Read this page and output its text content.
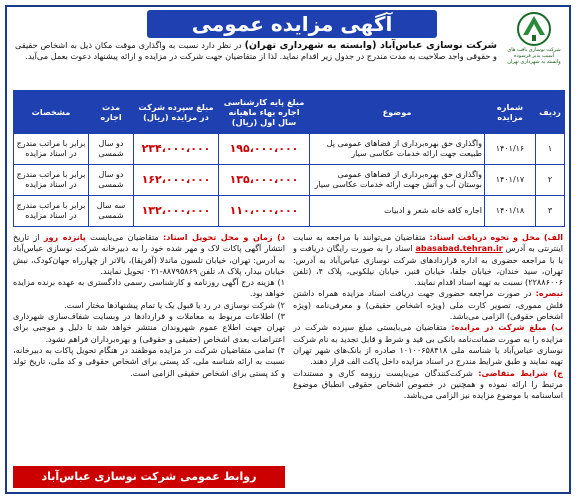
شرکت نوسازی بافت های آسیب پذیر فرسوده
وابسته به شهرداری تهران
آگهی مزایده عمومی
شرکت نوسازی عباس‌آباد (وابسته به شهرداری تهران) در نظر دارد نسبت به واگذاری موقت مکان ذیل به اشخاص حقیقی و حقوقی واجد صلاحیت به مدت مندرج در جدول زیر اقدام نماید. لذا از متقاضیان جهت شرکت در مزایده و ارائه پیشنهاد دعوت بعمل می‌آید.
ردیف	شماره مزایده	موضوع	مبلغ پایه کارشناسی اجاره بهاء ماهیانه سال اول (ریال)	مبلغ سپرده شرکت در مزایده (ریال)	مدت اجاره	مشخصات
۱	۱۴۰۱/۱۶	واگذاری حق بهره‌برداری از فضاهای عمومی پل طبیعت جهت ارائه خدمات عکاسی سیار	۱۹۵،۰۰۰،۰۰۰	۲۳۴،۰۰۰،۰۰۰	دو سال شمسی	برابر با مراتب مندرج در اسناد مزایده
۲	۱۴۰۱/۱۷	واگذاری حق بهره‌برداری از فضاهای عمومی بوستان آب و آتش جهت ارائه خدمات عکاسی سیار	۱۳۵،۰۰۰،۰۰۰	۱۶۲،۰۰۰،۰۰۰	دو سال شمسی	برابر با مراتب مندرج در اسناد مزایده
۳	۱۴۰۱/۱۸	اجاره کافه خانه شعر و ادبیات	۱۱۰،۰۰۰،۰۰۰	۱۳۲،۰۰۰،۰۰۰	سه سال شمسی	برابر با مراتب مندرج در اسناد مزایده
الف) محل و نحوه دریافت اسناد: متقاضیان می‌توانند با مراجعه به سایت اینترنتی به آدرس abasabad.tehran.ir اسناد را به صورت رایگان دریافت و یا با مراجعه حضوری به اداره قراردادهای شرکت نوسازی عباس‌آباد به آدرس: تهران، سید خندان، خیابان جلفا، خیابان قنبر، خیابان نیلکوبی، پلاک ۴، (تلفن ۲۲۸۸۶۰۰۶) نسبت به تهیه اسناد اقدام نمایند.
تبصره: در صورت مراجعه حضوری جهت دریافت اسناد مزایده همراه داشتن فلش مموری، تصویر کارت ملی (ویژه اشخاص حقیقی) و معرفی‌نامه (ویژه اشخاص حقوقی) الزامی می‌باشد.
ب) مبلغ شرکت در مزایده: متقاضیان می‌بایستی مبلغ سپرده شرکت در مزایده را به صورت ضمانت‌نامه بانکی بی قید و شرط و قابل تجدید به نام شرکت نوسازی عباس‌آباد یا شناسه ملی ۱۰۱۰۰۶۵۸۴۱۸ صادره از بانک‌های شهر تهران تهیه نمایند و طبق شرایط مندرج در اسناد مزایده داخل پاکت الف قرار دهند.
ج) شرایط متقاضی: شرکت‌کنندگان می‌بایست رزومه کاری و مستندات مرتبط را ارائه نموده و همچنین در خصوص اشخاص حقوقی انطباق موضوع اساسنامه با موضوع مزایده نیز الزامی می‌باشد.
د) زمان و محل تحویل اسناد: متقاضیان می‌بایست پانزده روز از تاریخ انتشار آگهی پاکات لاک و مهر شده خود را به دبیرخانه شرکت نوسازی عباس‌آباد به آدرس: تهران، خیابان تلسون ماندلا (آفریقا)، بالاتر از چهارراه جهان‌کودک، نبش خیابان بیدار، پلاک ۸، تلفن ۸۸۷۹۵۸۶۹-۰۲۱ تحویل نمایند.
۱) هزینه درج آگهی روزنامه و کارشناسی رسمی دادگستری به عهده برنده مزایده خواهد بود.
۲) شرکت نوسازی در رد یا قبول یک یا تمام پیشنهادها مختار است.
۳) اطلاعات مربوط به معاملات و قراردادها در وبسایت شفاف‌سازی شهرداری تهران جهت اطلاع عموم شهروندان منتشر خواهد شد تا دلیل و موجبی برای اعتراضات بعدی اشخاص (حقیقی و حقوقی) و بهره‌برداران فراهم نشود.
۴) تمامی متقاضیان شرکت در مزایده موظفند در هنگام تحویل پاکات به دبیرخانه، نسبت به ارائه شناسه ملی، کد پستی برای اشخاص حقوقی و کد ملی، تاریخ تولد و کد پستی برای اشخاص حقیقی الزامی است.
روابط عمومی شرکت نوسازی عباس‌آباد
